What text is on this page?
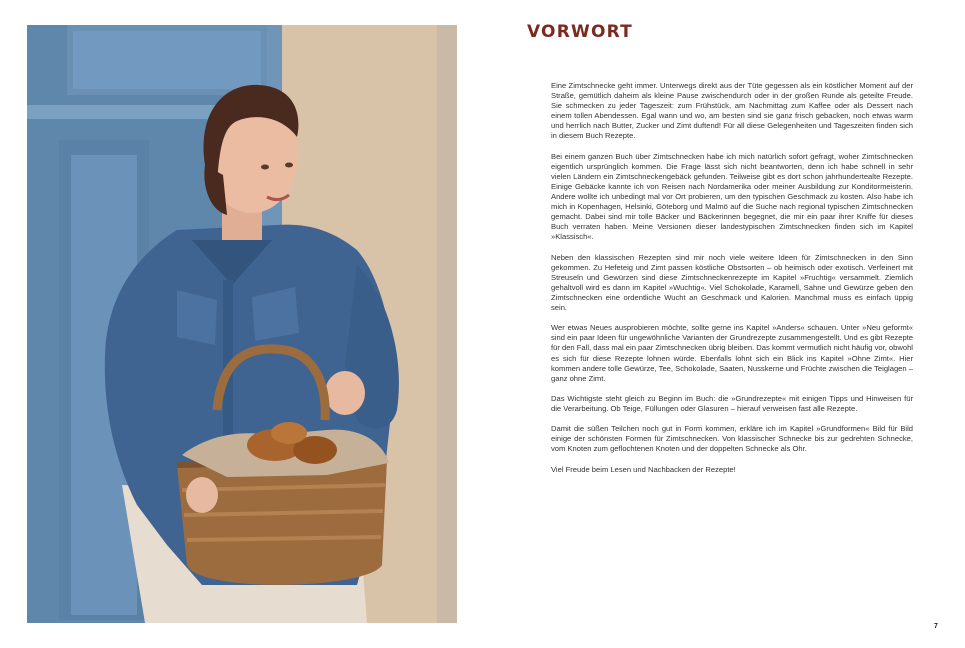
VORWORT

Eine Zimtschnecke geht immer. Unterwegs direkt aus der Tüte gegessen als ein köstlicher Moment auf der Straße, gemütlich daheim als kleine Pause zwischendurch oder in der großen Runde als geteilte Freude. Sie schmecken zu jeder Tageszeit: zum Frühstück, am Nachmittag zum Kaffee oder als Dessert nach einem tollen Abendessen. Egal wann und wo, am besten sind sie ganz frisch gebacken, noch etwas warm und herrlich nach Butter, Zucker und Zimt duftend! Für all diese Gelegenheiten und Tageszeiten finden sich in diesem Buch Rezepte.

Bei einem ganzen Buch über Zimtschnecken habe ich mich natürlich sofort gefragt, woher Zimtschnecken eigentlich ursprünglich kommen. Die Frage lässt sich nicht beantworten, denn ich habe schnell in sehr vielen Ländern ein Zimtschneckengebäck gefunden. Teilweise gibt es dort schon jahrhundertealte Rezepte. Einige Gebäcke kannte ich von Reisen nach Nordamerika oder meiner Ausbildung zur Konditormeisterin. Andere wollte ich unbedingt mal vor Ort probieren, um den typischen Geschmack zu kosten. Also habe ich mich in Kopenhagen, Helsinki, Göteborg und Malmö auf die Suche nach regional typischen Zimtschnecken gemacht. Dabei sind mir tolle Bäcker und Bäckerinnen begegnet, die mir ein paar ihrer Kniffe für dieses Buch verraten haben. Meine Versionen dieser landestypischen Zimtschnecken finden sich im Kapitel »Klassisch«.

Neben den klassischen Rezepten sind mir noch viele weitere Ideen für Zimtschnecken in den Sinn gekommen. Zu Hefeteig und Zimt passen köstliche Obstsorten – ob heimisch oder exotisch. Verfeinert mit Streuseln und Gewürzen sind diese Zimtschneckenrezepte im Kapitel »Fruchtig« versammelt. Ziemlich gehaltvoll wird es dann im Kapitel »Wuchtig«. Viel Schokolade, Karamell, Sahne und Gewürze geben den Zimtschnecken eine ordentliche Wucht an Geschmack und Kalorien. Manchmal muss es einfach üppig sein.

Wer etwas Neues ausprobieren möchte, sollte gerne ins Kapitel »Anders« schauen. Unter »Neu geformt« sind ein paar Ideen für ungewöhnliche Varianten der Grundrezepte zusammengestellt. Und es gibt Rezepte für den Fall, dass mal ein paar Zimtschnecken übrig bleiben. Das kommt vermutlich nicht häufig vor, obwohl es sich für diese Rezepte lohnen würde. Ebenfalls lohnt sich ein Blick ins Kapitel »Ohne Zimt«. Hier kommen andere tolle Gewürze, Tee, Schokolade, Saaten, Nusskerne und Früchte zwischen die Teiglagen – ganz ohne Zimt.

Das Wichtigste steht gleich zu Beginn im Buch: die »Grundrezepte« mit einigen Tipps und Hinweisen für die Verarbeitung. Ob Teige, Füllungen oder Glasuren – hierauf verweisen fast alle Rezepte.

Damit die süßen Teilchen noch gut in Form kommen, erkläre ich im Kapitel »Grundformen« Bild für Bild einige der schönsten Formen für Zimtschnecken. Von klassischer Schnecke bis zur gedrehten Schnecke, vom Knoten zum geflochtenen Knoten und der doppelten Schnecke als Ohr.

Viel Freude beim Lesen und Nachbacken der Rezepte!

7
